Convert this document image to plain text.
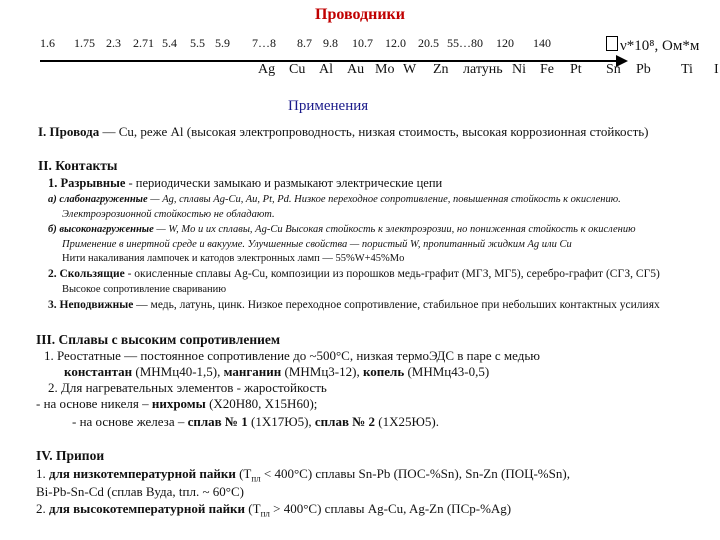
Проводники
1.6 1.75 2.3 2.71 5.4 5.5 5.9 7…8 8.7 9.8 10.7 12.0 20.5 55…80 120 140	ν*10⁸, Ом*м
Ag Cu Al Au Mo W Zn латунь Ni Fe Pt Sn Pb Ti I
Применения
I. Провода — Cu, реже Al (высокая электропроводность, низкая стоимость, высокая коррозионная стойкость)
II. Контакты
1. Разрывные - периодически замыкаю и размыкают электрические цепи
а) слабонагруженные — Ag, сплавы Ag-Cu, Au, Pt, Pd. Низкое переходное сопротивление, повышенная стойкость к окислению.
Электроэрозионной стойкостью не обладают.
б) высоконагруженные — W, Mo и их сплавы, Ag-Cu Высокая стойкость к электроэрозии, но пониженная стойкость к окислению
Применение в инертной среде и вакууме. Улучшенные свойства — пористый W, пропитанный жидким Ag или Cu
Нити накаливания лампочек и катодов электронных ламп — 55%W+45%Mo
2. Скользящие - окисленные сплавы Ag-Cu, композиции из порошков медь-графит (МГЗ, МГ5), серебро-графит (СГЗ, СГ5)
Высокое сопротивление свариванию
3. Неподвижные — медь, латунь, цинк. Низкое переходное сопротивление, стабильное при небольших контактных усилиях
III. Сплавы с высоким сопротивлением
1. Реостатные — постоянное сопротивление до ~500°С, низкая термоЭДС в паре с медью
константан (МНМц40-1,5), манганин (МНМц3-12), копель (МНМц43-0,5)
2. Для нагревательных элементов - жаростойкость
- на основе никеля – нихромы (Х20Н80, Х15Н60);
- на основе железа – сплав № 1 (1Х17Ю5), сплав № 2 (1Х25Ю5).
IV. Припои
1. для низкотемпературной пайки $(T_{пл} < 400^\circ C)$ сплавы Sn-Pb (ПОС-%Sn), Sn-Zn (ПОЦ-%Sn),
Bi-Pb-Sn-Cd (сплав Вуда, tпл. ~ 60°C)
2. для высокотемпературной пайки $(T_{пл} > 400^\circ C)$ сплавы Ag-Cu, Ag-Zn (ПСр-%Ag)
